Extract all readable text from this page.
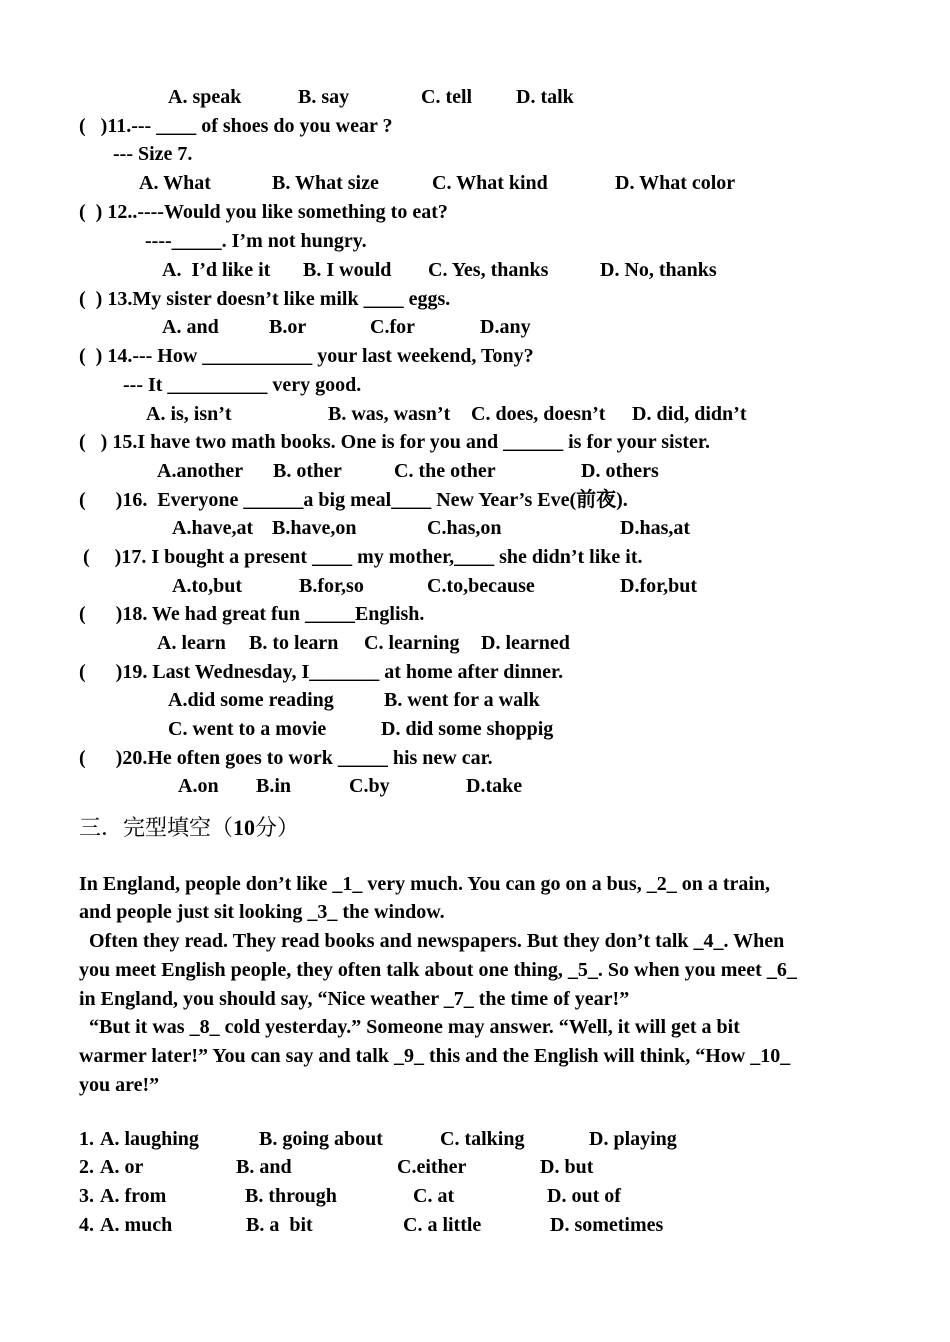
A. speak	B. say	C. tell D. talk
(   )11.--- ____ of shoes do you wear ?
--- Size 7.
A. What	B. What size	C. What kind	D. What color
(  ) 12..----Would you like something to eat?
----_____. I’m not hungry.
A.  I’d like it B. I would C. Yes, thanks	D. No, thanks
(  ) 13.My sister doesn’t like milk ____ eggs.
A. and	B.or	C.for	D.any
(  ) 14.--- How ___________ your last weekend, Tony?
--- It __________ very good.
A. is, isn’t	B. was, wasn’t C. does, doesn’t D. did, didn’t
(   ) 15.I have two math books. One is for you and ______ is for your sister.
A.another B. other	C. the other	D. others
(      )16.  Everyone ______a big meal____ New Year’s Eve(前夜).
A.have,at B.have,on	C.has,on	D.has,at
(     )17. I bought a present ____ my mother,____ she didn’t like it.
A.to,but	B.for,so	C.to,because	D.for,but
(      )18. We had great fun _____English.
A. learn B. to learn C. learning D. learned
(      )19. Last Wednesday, I_______ at home after dinner.
A.did some reading	B. went for a walk
C. went to a movie	D. did some shoppig
(      )20.He often goes to work _____ his new car.
A.on B.in	C.by	D.take
三．完型填空（10分）
In England, people don’t like _1_ very much. You can go on a bus, _2_ on a train,
and people just sit looking _3_ the window.
Often they read. They read books and newspapers. But they don’t talk _4_. When
you meet English people, they often talk about one thing, _5_. So when you meet _6_
in England, you should say, “Nice weather _7_ the time of year!”
“But it was _8_ cold yesterday.” Someone may answer. “Well, it will get a bit
warmer later!” You can say and talk _9_ this and the English will think, “How _10_
you are!”
1. A. laughing	B. going about	C. talking	D. playing
2. A. or	B. and	C.either	D. but
3. A. from	B. through	C. at	D. out of
4. A. much	B. a  bit	C. a little	D. sometimes
